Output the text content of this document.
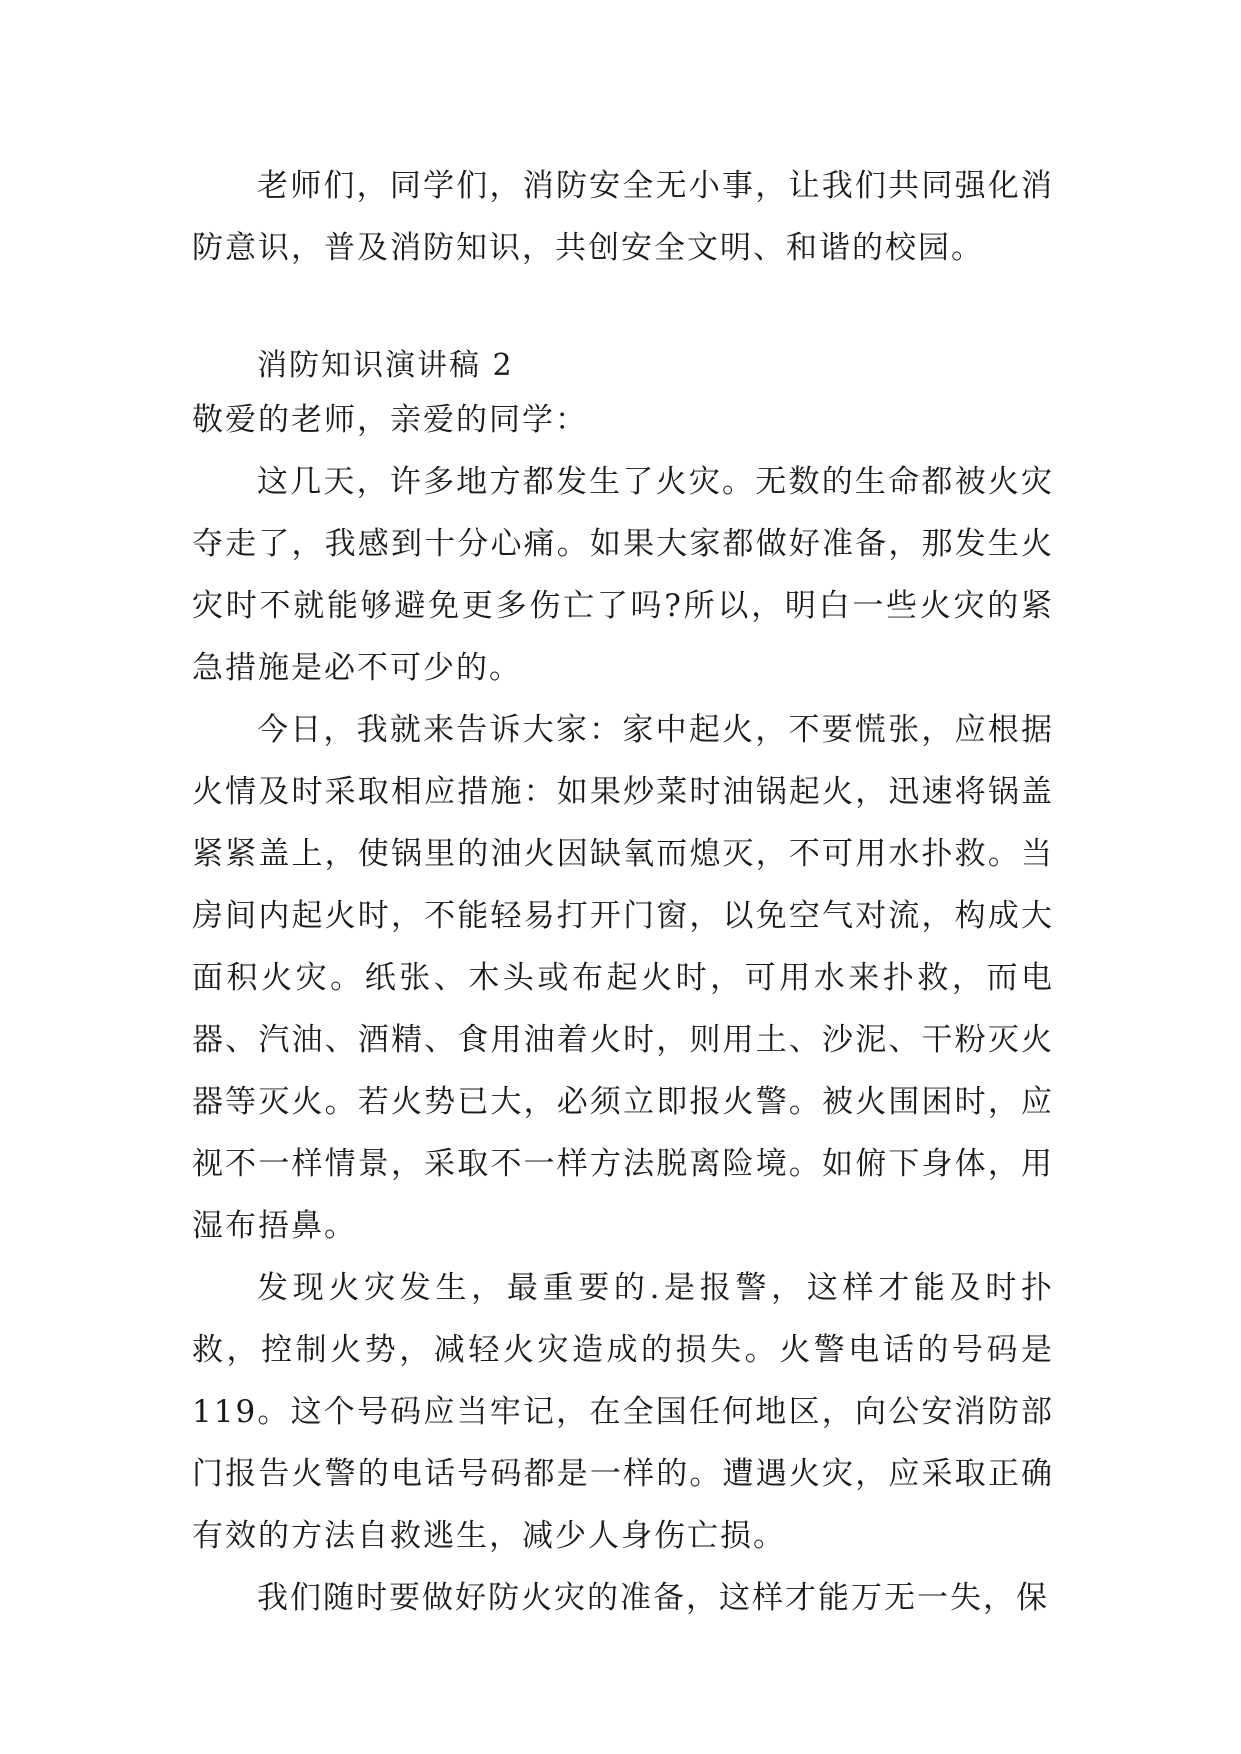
老师们，同学们，消防安全无小事，让我们共同强化消防意识，普及消防知识，共创安全文明、和谐的校园。

消防知识演讲稿 2

敬爱的老师，亲爱的同学：

这几天，许多地方都发生了火灾。无数的生命都被火灾夺走了，我感到十分心痛。如果大家都做好准备，那发生火灾时不就能够避免更多伤亡了吗?所以，明白一些火灾的紧急措施是必不可少的。

今日，我就来告诉大家：家中起火，不要慌张，应根据火情及时采取相应措施：如果炒菜时油锅起火，迅速将锅盖紧紧盖上，使锅里的油火因缺氧而熄灭，不可用水扑救。当房间内起火时，不能轻易打开门窗，以免空气对流，构成大面积火灾。纸张、木头或布起火时，可用水来扑救，而电器、汽油、酒精、食用油着火时，则用土、沙泥、干粉灭火器等灭火。若火势已大，必须立即报火警。被火围困时，应视不一样情景，采取不一样方法脱离险境。如俯下身体，用湿布捂鼻。

发现火灾发生，最重要的.是报警，这样才能及时扑救，控制火势，减轻火灾造成的损失。火警电话的号码是 119。这个号码应当牢记，在全国任何地区，向公安消防部门报告火警的电话号码都是一样的。遭遇火灾，应采取正确有效的方法自救逃生，减少人身伤亡损。

我们随时要做好防火灾的准备，这样才能万无一失，保
